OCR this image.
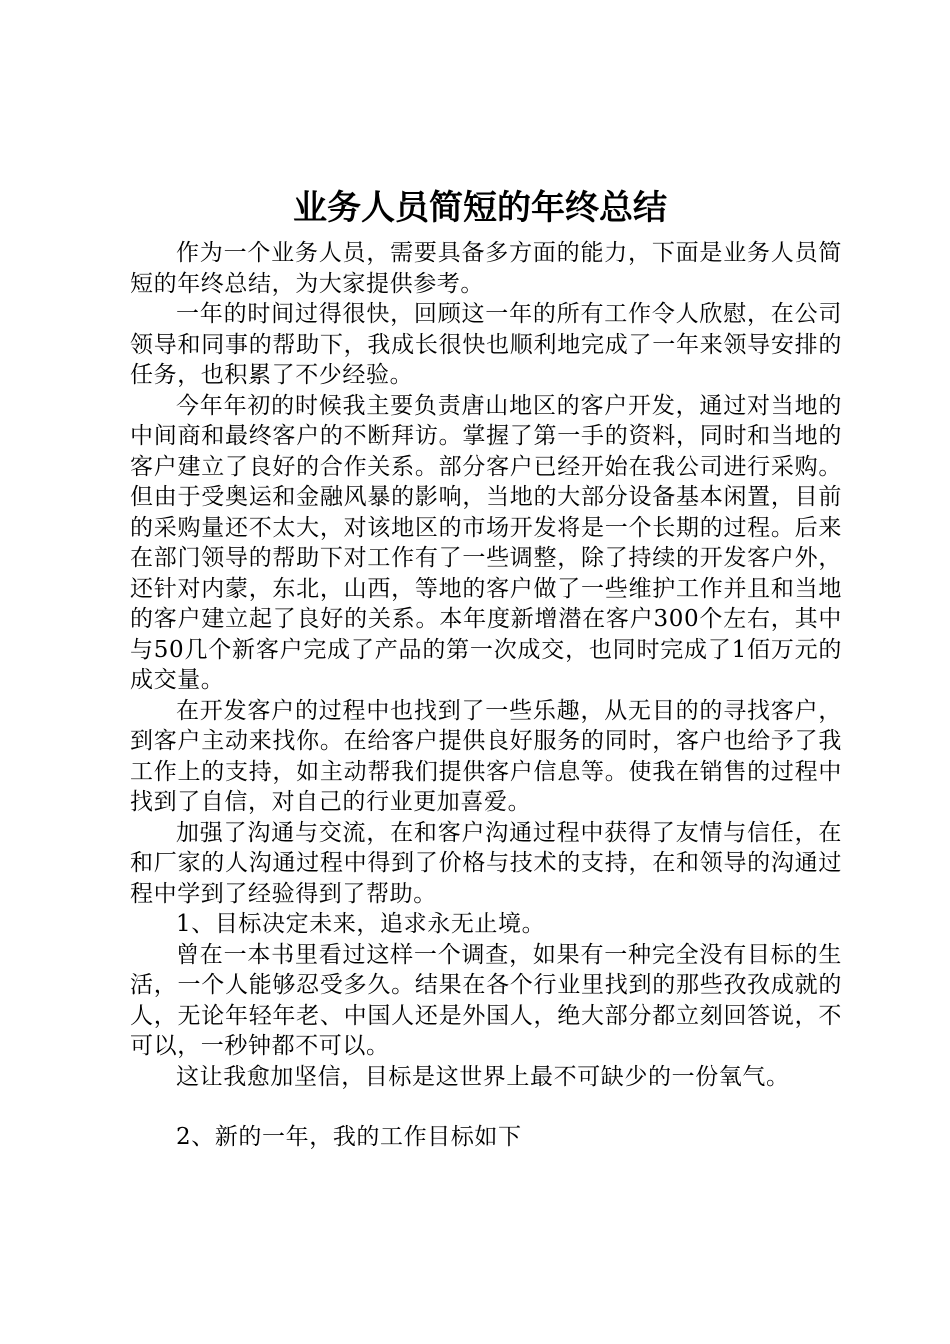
业务人员简短的年终总结

作为一个业务人员，需要具备多方面的能力，下面是业务人员简短的年终总结，为大家提供参考。

一年的时间过得很快，回顾这一年的所有工作令人欣慰，在公司领导和同事的帮助下，我成长很快也顺利地完成了一年来领导安排的任务，也积累了不少经验。

今年年初的时候我主要负责唐山地区的客户开发，通过对当地的中间商和最终客户的不断拜访。掌握了第一手的资料，同时和当地的客户建立了良好的合作关系。部分客户已经开始在我公司进行采购。但由于受奥运和金融风暴的影响，当地的大部分设备基本闲置，目前的采购量还不太大，对该地区的市场开发将是一个长期的过程。后来在部门领导的帮助下对工作有了一些调整，除了持续的开发客户外，还针对内蒙，东北，山西，等地的客户做了一些维护工作并且和当地的客户建立起了良好的关系。本年度新增潜在客户300个左右，其中与50几个新客户完成了产品的第一次成交，也同时完成了1佰万元的成交量。

在开发客户的过程中也找到了一些乐趣，从无目的的寻找客户，到客户主动来找你。在给客户提供良好服务的同时，客户也给予了我工作上的支持，如主动帮我们提供客户信息等。使我在销售的过程中找到了自信，对自己的行业更加喜爱。

加强了沟通与交流，在和客户沟通过程中获得了友情与信任，在和厂家的人沟通过程中得到了价格与技术的支持，在和领导的沟通过程中学到了经验得到了帮助。

1、目标决定未来，追求永无止境。

曾在一本书里看过这样一个调查，如果有一种完全没有目标的生活，一个人能够忍受多久。结果在各个行业里找到的那些孜孜成就的人，无论年轻年老、中国人还是外国人，绝大部分都立刻回答说，不可以，一秒钟都不可以。

这让我愈加坚信，目标是这世界上最不可缺少的一份氧气。

2、新的一年，我的工作目标如下
